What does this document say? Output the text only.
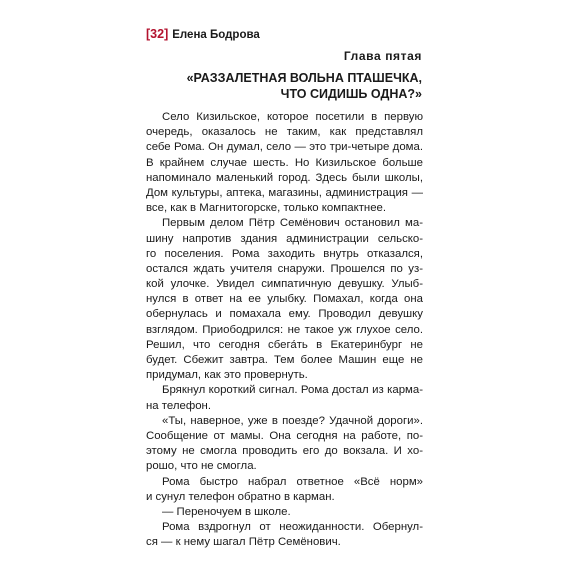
[32] Елена Бодрова
Глава пятая
«РАЗЗАЛЕТНАЯ ВОЛЬНА ПТАШЕЧКА,
ЧТО СИДИШЬ ОДНА?»
Село Кизильское, которое посетили в первую
очередь, оказалось не таким, как представлял
себе Рома. Он думал, село — это три-четыре дома.
В крайнем случае шесть. Но Кизильское больше
напоминало маленький город. Здесь были школы,
Дом культуры, аптека, магазины, администрация —
все, как в Магнитогорске, только компактнее.
Первым делом Пётр Семёнович остановил ма-
шину напротив здания администрации сельско-
го поселения. Рома заходить внутрь отказался,
остался ждать учителя снаружи. Прошелся по уз-
кой улочке. Увидел симпатичную девушку. Улыб-
нулся в ответ на ее улыбку. Помахал, когда она
обернулась и помахала ему. Проводил девушку
взглядом. Приободрился: не такое уж глухое село.
Решил, что сегодня сбега́ть в Екатеринбург не
будет. Сбежит завтра. Тем более Машин еще не
придумал, как это провернуть.
Брякнул короткий сигнал. Рома достал из карма-
на телефон.
«Ты, наверное, уже в поезде? Удачной дороги».
Сообщение от мамы. Она сегодня на работе, по-
этому не смогла проводить его до вокзала. И хо-
рошо, что не смогла.
Рома быстро набрал ответное «Всё норм»
и сунул телефон обратно в карман.
— Переночуем в школе.
Рома вздрогнул от неожиданности. Обернул-
ся — к нему шагал Пётр Семёнович.
